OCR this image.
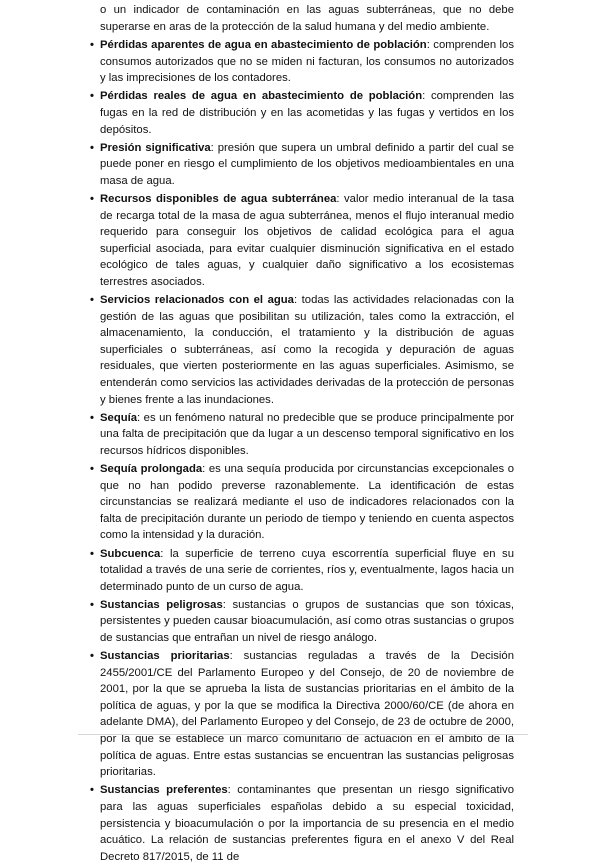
o un indicador de contaminación en las aguas subterráneas, que no debe superarse en aras de la protección de la salud humana y del medio ambiente.

• Pérdidas aparentes de agua en abastecimiento de población: comprenden los consumos autorizados que no se miden ni facturan, los consumos no autorizados y las imprecisiones de los contadores.
• Pérdidas reales de agua en abastecimiento de población: comprenden las fugas en la red de distribución y en las acometidas y las fugas y vertidos en los depósitos.
• Presión significativa: presión que supera un umbral definido a partir del cual se puede poner en riesgo el cumplimiento de los objetivos medioambientales en una masa de agua.
• Recursos disponibles de agua subterránea: valor medio interanual de la tasa de recarga total de la masa de agua subterránea, menos el flujo interanual medio requerido para conseguir los objetivos de calidad ecológica para el agua superficial asociada, para evitar cualquier disminución significativa en el estado ecológico de tales aguas, y cualquier daño significativo a los ecosistemas terrestres asociados.
• Servicios relacionados con el agua: todas las actividades relacionadas con la gestión de las aguas que posibilitan su utilización, tales como la extracción, el almacenamiento, la conducción, el tratamiento y la distribución de aguas superficiales o subterráneas, así como la recogida y depuración de aguas residuales, que vierten posteriormente en las aguas superficiales. Asimismo, se entenderán como servicios las actividades derivadas de la protección de personas y bienes frente a las inundaciones.
• Sequía: es un fenómeno natural no predecible que se produce principalmente por una falta de precipitación que da lugar a un descenso temporal significativo en los recursos hídricos disponibles.
• Sequía prolongada: es una sequía producida por circunstancias excepcionales o que no han podido preverse razonablemente. La identificación de estas circunstancias se realizará mediante el uso de indicadores relacionados con la falta de precipitación durante un periodo de tiempo y teniendo en cuenta aspectos como la intensidad y la duración.
• Subcuenca: la superficie de terreno cuya escorrentía superficial fluye en su totalidad a través de una serie de corrientes, ríos y, eventualmente, lagos hacia un determinado punto de un curso de agua.
• Sustancias peligrosas: sustancias o grupos de sustancias que son tóxicas, persistentes y pueden causar bioacumulación, así como otras sustancias o grupos de sustancias que entrañan un nivel de riesgo análogo.
• Sustancias prioritarias: sustancias reguladas a través de la Decisión 2455/2001/CE del Parlamento Europeo y del Consejo, de 20 de noviembre de 2001, por la que se aprueba la lista de sustancias prioritarias en el ámbito de la política de aguas, y por la que se modifica la Directiva 2000/60/CE (de ahora en adelante DMA), del Parlamento Europeo y del Consejo, de 23 de octubre de 2000, por la que se establece un marco comunitario de actuación en el ámbito de la política de aguas. Entre estas sustancias se encuentran las sustancias peligrosas prioritarias.
• Sustancias preferentes: contaminantes que presentan un riesgo significativo para las aguas superficiales españolas debido a su especial toxicidad, persistencia y bioacumulación o por la importancia de su presencia en el medio acuático. La relación de sustancias preferentes figura en el anexo V del Real Decreto 817/2015, de 11 de
